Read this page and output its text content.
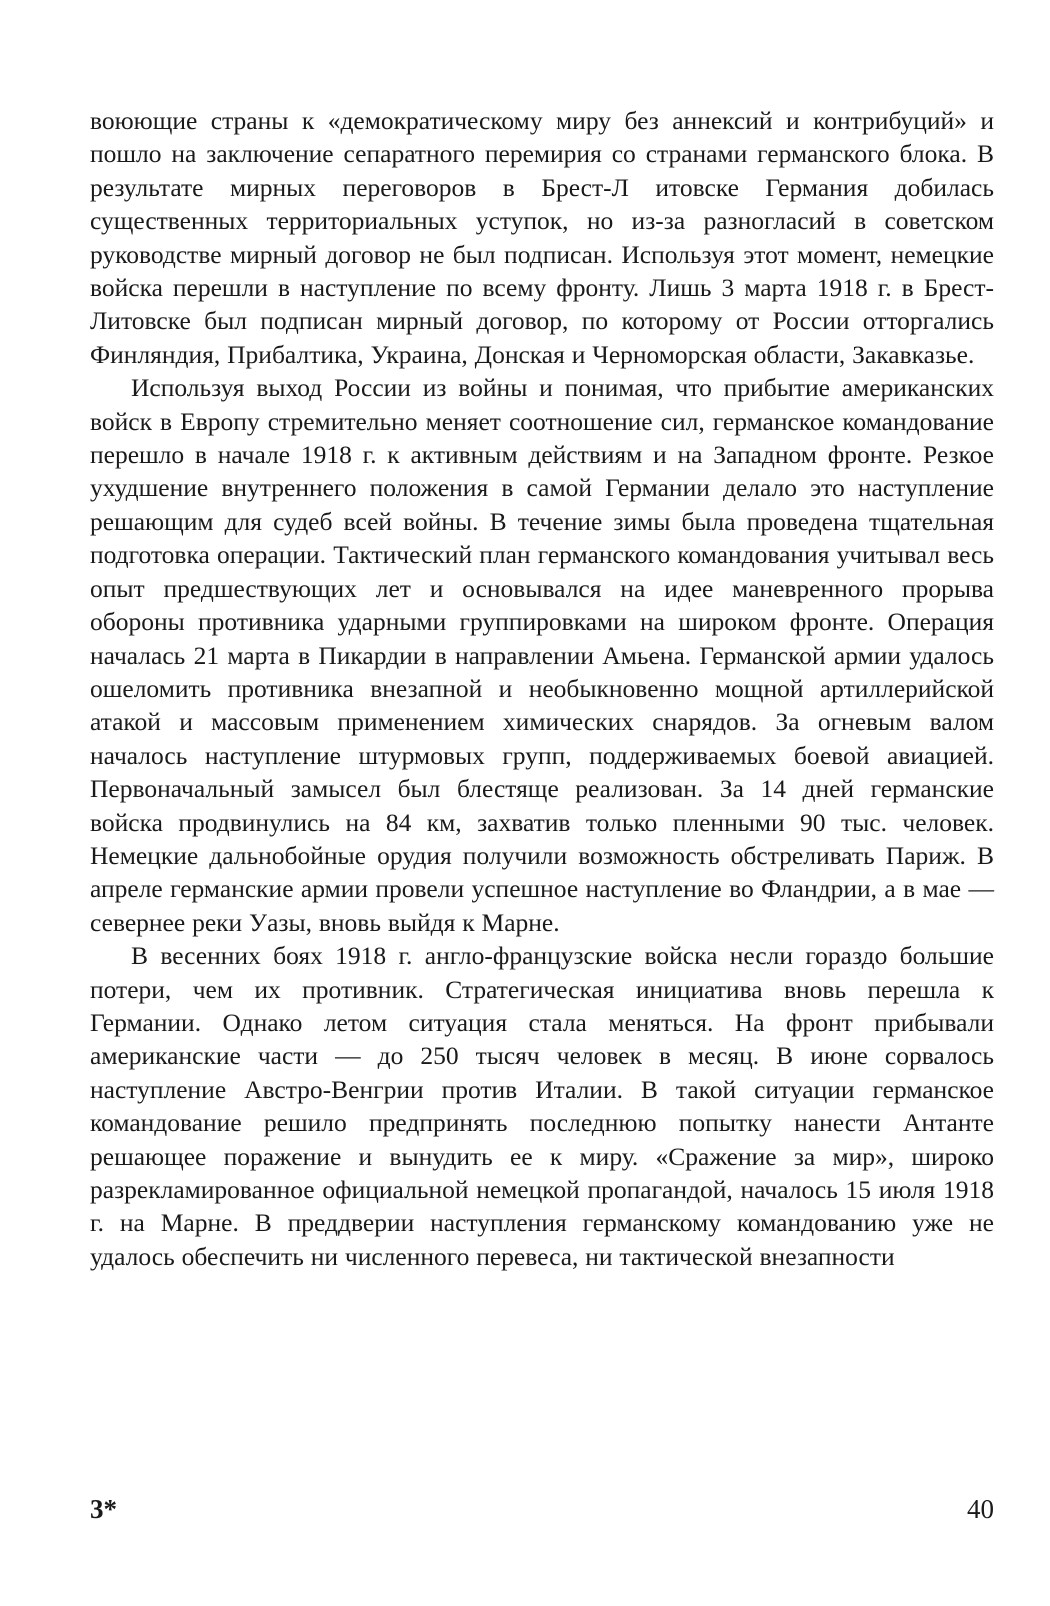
воюющие страны к «демократическому миру без аннексий и контрибуций» и пошло на заключение сепаратного перемирия со странами германского блока. В результате мирных переговоров в Брест-Л итовске Германия добилась существенных территориальных уступок, но из-за разногласий в советском руководстве мирный договор не был подписан. Используя этот момент, немецкие войска перешли в наступление по всему фронту. Лишь 3 марта 1918 г. в Брест-Литовске был подписан мирный договор, по которому от России отторгались Финляндия, Прибалтика, Украина, Донская и Черноморская области, Закавказье.

Используя выход России из войны и понимая, что прибытие американских войск в Европу стремительно меняет соотношение сил, германское командование перешло в начале 1918 г. к активным действиям и на Западном фронте. Резкое ухудшение внутреннего положения в самой Германии делало это наступление решающим для судеб всей войны. В течение зимы была проведена тщательная подготовка операции. Тактический план германского командования учитывал весь опыт предшествующих лет и основывался на идее маневренного прорыва обороны противника ударными группировками на широком фронте. Операция началась 21 марта в Пикардии в направлении Амьена. Германской армии удалось ошеломить противника внезапной и необыкновенно мощной артиллерийской атакой и массовым применением химических снарядов. За огневым валом началось наступление штурмовых групп, поддерживаемых боевой авиацией. Первоначальный замысел был блестяще реализован. За 14 дней германские войска продвинулись на 84 км, захватив только пленными 90 тыс. человек. Немецкие дальнобойные орудия получили возможность обстреливать Париж. В апреле германские армии провели успешное наступление во Фландрии, а в мае — севернее реки Уазы, вновь выйдя к Марне.

В весенних боях 1918 г. англо-французские войска несли гораздо большие потери, чем их противник. Стратегическая инициатива вновь перешла к Германии. Однако летом ситуация стала меняться. На фронт прибывали американские части — до 250 тысяч человек в месяц. В июне сорвалось наступление Австро-Венгрии против Италии. В такой ситуации германское командование решило предпринять последнюю попытку нанести Антанте решающее поражение и вынудить ее к миру. «Сражение за мир», широко разрекламированное официальной немецкой пропагандой, началось 15 июля 1918 г. на Марне. В преддверии наступления германскому командованию уже не удалось обеспечить ни численного перевеса, ни тактической внезапности

3*	40
